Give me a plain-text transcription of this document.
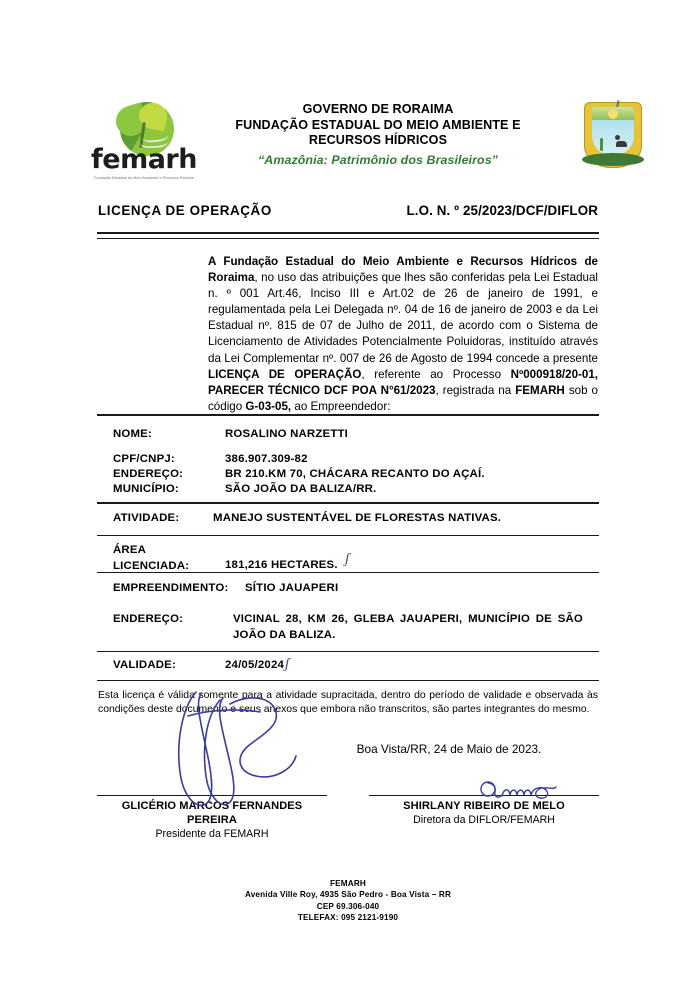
femarh
Fundação Estadual do Meio Ambiente e Recursos Hídricos
GOVERNO DE RORAIMA
FUNDAÇÃO ESTADUAL DO MEIO AMBIENTE E
RECURSOS HÍDRICOS
“Amazônia: Patrimônio dos Brasileiros”
LICENÇA DE OPERAÇÃO	L.O. N. º 25/2023/DCF/DIFLOR
A Fundação Estadual do Meio Ambiente e Recursos Hídricos de Roraima, no uso das atribuições que lhes são conferidas pela Lei Estadual n. º 001 Art.46, Inciso III e Art.02 de 26 de janeiro de 1991, e regulamentada pela Lei Delegada nº. 04 de 16 de janeiro de 2003 e da Lei Estadual nº. 815 de 07 de Julho de 2011, de acordo com o Sistema de Licenciamento de Atividades Potencialmente Poluidoras, instituído através da Lei Complementar nº. 007 de 26 de Agosto de 1994 concede a presente LICENÇA DE OPERAÇÃO, referente ao Processo Nº000918/20-01, PARECER TÉCNICO DCF POA N°61/2023, registrada na FEMARH sob o código G-03-05, ao Empreendedor:
NOME:	ROSALINO NARZETTI
CPF/CNPJ:	386.907.309-82
ENDEREÇO:	BR 210.KM 70, CHÁCARA RECANTO DO AÇAÍ.
MUNICÍPIO:	SÃO JOÃO DA BALIZA/RR.
ATIVIDADE:	MANEJO SUSTENTÁVEL DE FLORESTAS NATIVAS.
ÁREA
LICENCIADA:	181,216 HECTARES. ʃ
EMPREENDIMENTO:	SÍTIO JAUAPERI
ENDEREÇO:	VICINAL 28, KM 26, GLEBA JAUAPERI, MUNICÍPIO DE SÃO JOÃO DA BALIZA.
VALIDADE:	24/05/2024 ʃ
Esta licença é válida somente para a atividade supracitada, dentro do período de validade e observada às condições deste documento e seus anexos que embora não transcritos, são partes integrantes do mesmo.
Boa Vista/RR, 24 de Maio de 2023.
GLICÉRIO MARCOS FERNANDES PEREIRA
Presidente da FEMARH
SHIRLANY RIBEIRO DE MELO
Diretora da DIFLOR/FEMARH
FEMARH
Avenida Ville Roy, 4935 São Pedro - Boa Vista – RR
CEP 69.306-040
TELEFAX: 095 2121-9190
